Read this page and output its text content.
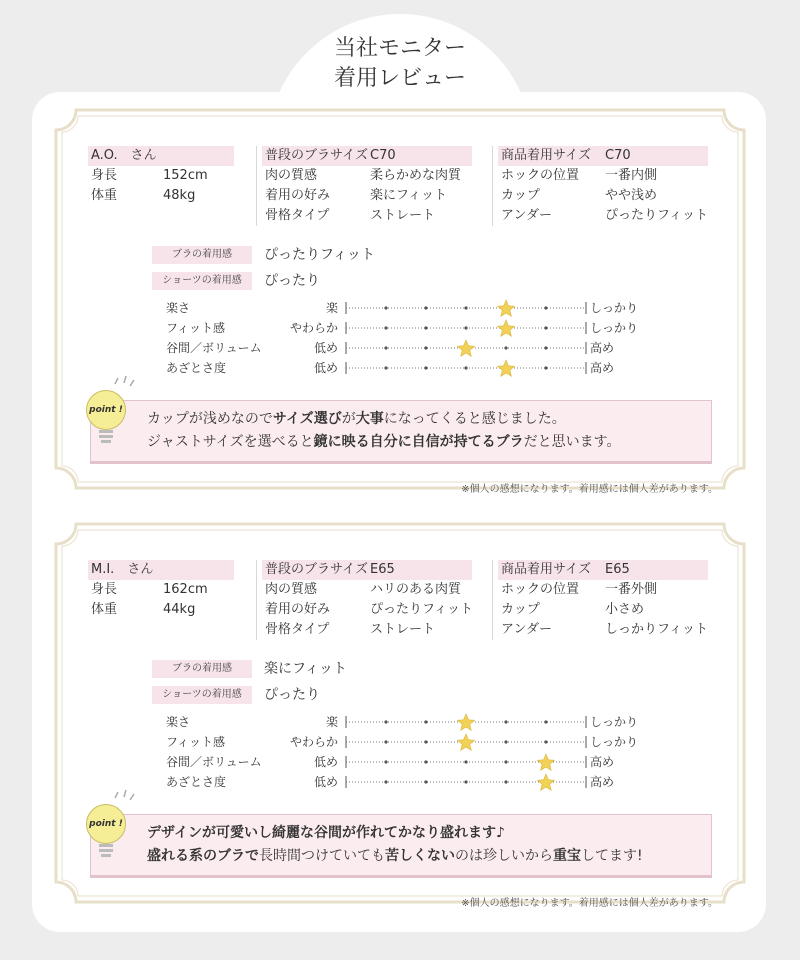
当社モニター
着用レビュー
A.O.　さん
身長	152cm
体重	48kg
普段のブラサイズ C70
肉の質感	柔らかめな肉質
着用の好み	楽にフィット
骨格タイプ	ストレート
商品着用サイズ C70
ホックの位置 一番内側
カップ	やや浅め
アンダー	ぴったりフィット
ブラの着用感	ぴったりフィット
ショーツの着用感	ぴったり
楽さ	楽	しっかり
フィット感	やわらか	しっかり
谷間／ボリューム	低め	高め
あざとさ度	低め	高め

カップが浅めなのでサイズ選びが大事になってくると感じました。

ジャストサイズを選べると鏡に映る自分に自信が持てるブラだと思います。

point !
※個人の感想になります。着用感には個人差があります。
M.I.　さん
身長	162cm
体重	44kg
普段のブラサイズ E65
肉の質感	ハリのある肉質
着用の好み	ぴったりフィット
骨格タイプ	ストレート
商品着用サイズ E65
ホックの位置 一番外側
カップ	小さめ
アンダー	しっかりフィット
ブラの着用感	楽にフィット
ショーツの着用感	ぴったり
楽さ	楽	しっかり
フィット感	やわらか	しっかり
谷間／ボリューム	低め	高め
あざとさ度	低め	高め

デザインが可愛いし綺麗な谷間が作れてかなり盛れます♪

盛れる系のブラで長時間つけていても苦しくないのは珍しいから重宝してます!

point !
※個人の感想になります。着用感には個人差があります。
